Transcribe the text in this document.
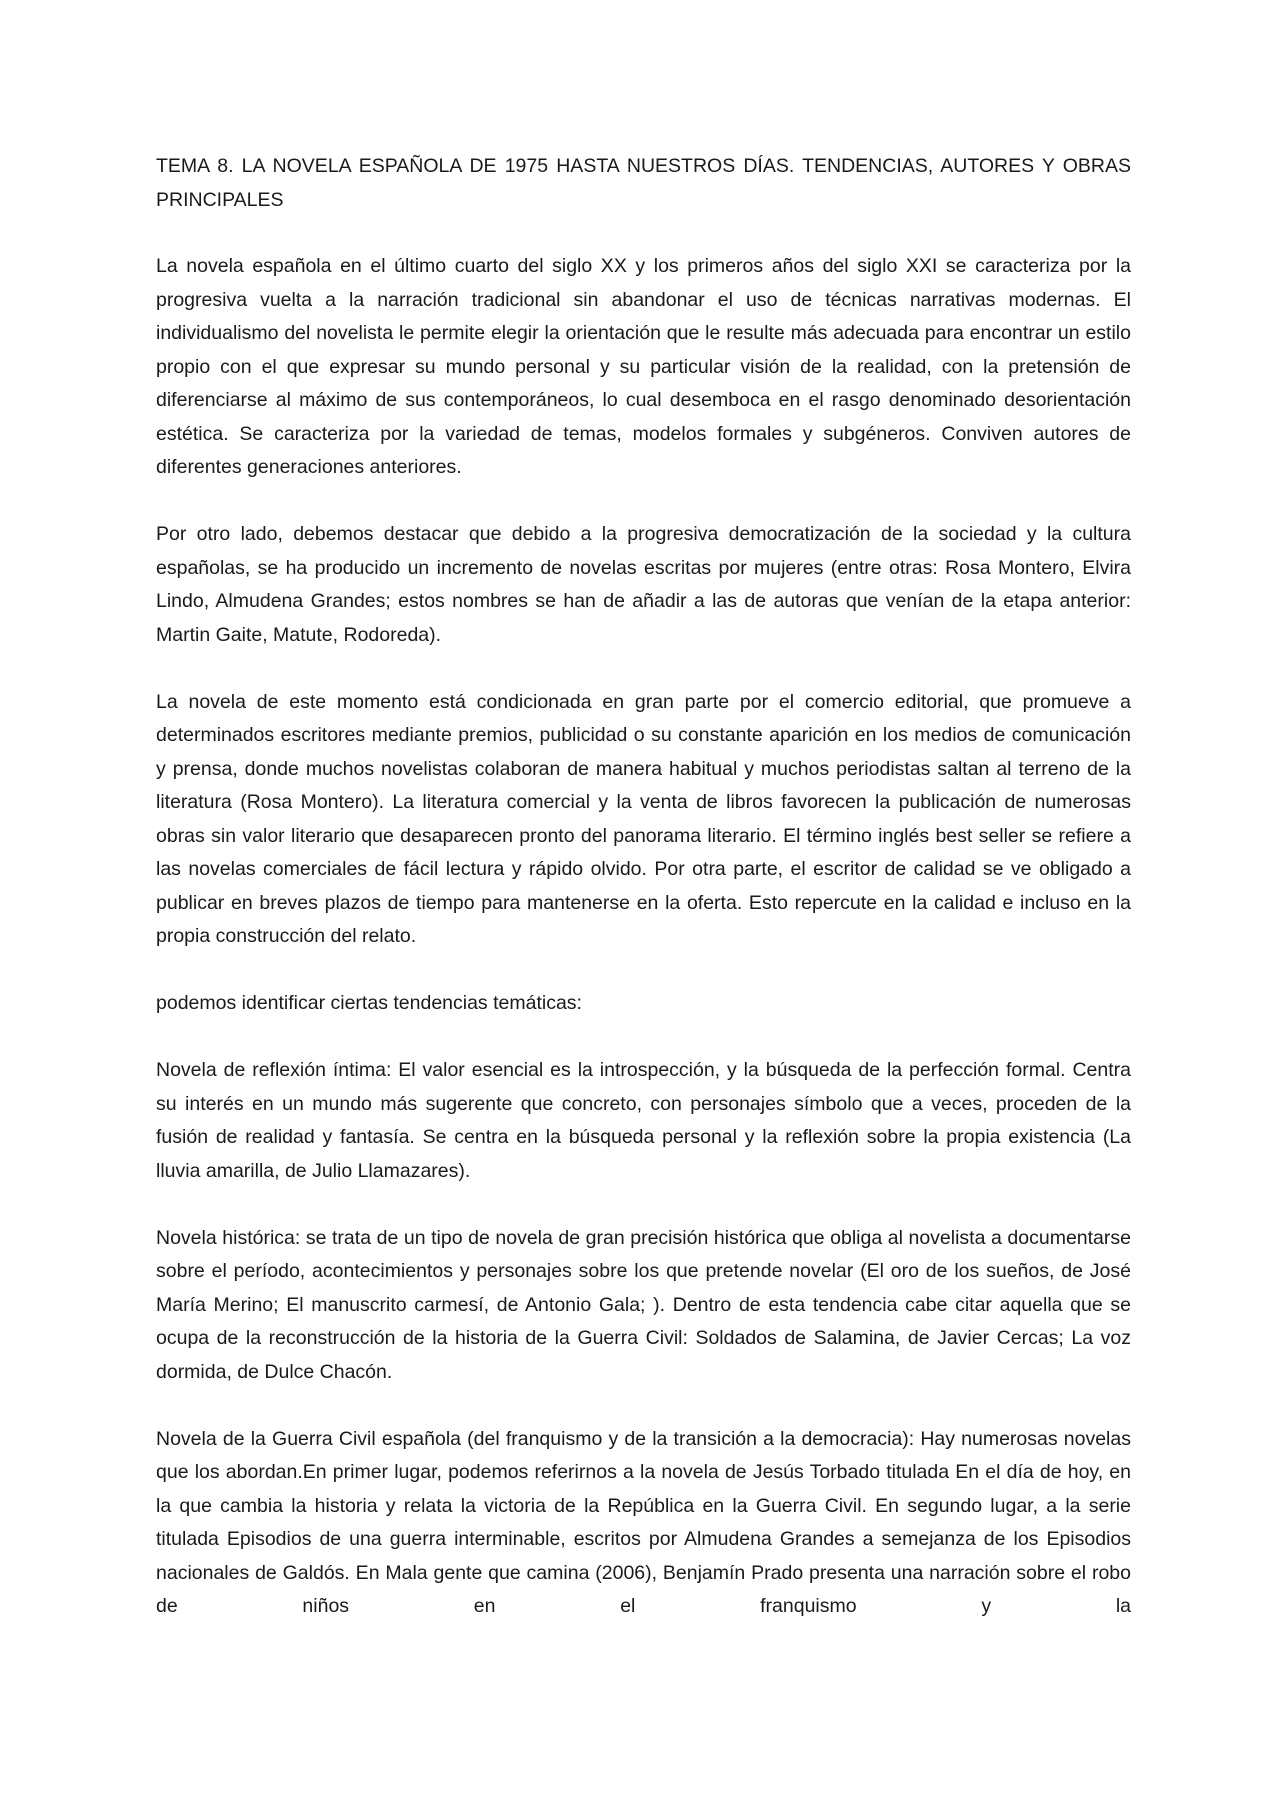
TEMA 8. LA NOVELA ESPAÑOLA DE 1975 HASTA NUESTROS DÍAS. TENDENCIAS, AUTORES Y OBRAS PRINCIPALES

La novela española en el último cuarto del siglo XX y los primeros años del siglo XXI se caracteriza por la progresiva vuelta a la narración tradicional sin abandonar el uso de técnicas narrativas modernas. El individualismo del novelista le permite elegir la orientación que le resulte más adecuada para encontrar un estilo propio con el que expresar su mundo personal y su particular visión de la realidad, con la pretensión de diferenciarse al máximo de sus contemporáneos, lo cual desemboca en el rasgo denominado desorientación estética. Se caracteriza por la variedad de temas, modelos formales y subgéneros. Conviven autores de diferentes generaciones anteriores.

Por otro lado, debemos destacar que debido a la progresiva democratización de la sociedad y la cultura españolas, se ha producido un incremento de novelas escritas por mujeres (entre otras: Rosa Montero, Elvira Lindo, Almudena Grandes; estos nombres se han de añadir a las de autoras que venían de la etapa anterior: Martin Gaite, Matute, Rodoreda).

La novela de este momento está condicionada en gran parte por el comercio editorial, que promueve a determinados escritores mediante premios, publicidad o su constante aparición en los medios de comunicación y prensa, donde muchos novelistas colaboran de manera habitual y muchos periodistas saltan al terreno de la literatura (Rosa Montero). La literatura comercial y la venta de libros favorecen la publicación de numerosas obras sin valor literario que desaparecen pronto del panorama literario. El término inglés best seller se refiere a las novelas comerciales de fácil lectura y rápido olvido. Por otra parte, el escritor de calidad se ve obligado a publicar en breves plazos de tiempo para mantenerse en la oferta. Esto repercute en la calidad e incluso en la propia construcción del relato.

podemos identificar ciertas tendencias temáticas:

Novela de reflexión íntima: El valor esencial es la introspección, y la búsqueda de la perfección formal. Centra su interés en un mundo más sugerente que concreto, con personajes símbolo que a veces, proceden de la fusión de realidad y fantasía. Se centra en la búsqueda personal y la reflexión sobre la propia existencia (La lluvia amarilla, de Julio Llamazares).

Novela histórica: se trata de un tipo de novela de gran precisión histórica que obliga al novelista a documentarse sobre el período, acontecimientos y personajes sobre los que pretende novelar (El oro de los sueños, de José María Merino; El manuscrito carmesí, de Antonio Gala; ). Dentro de esta tendencia cabe citar aquella que se ocupa de la reconstrucción de la historia de la Guerra Civil: Soldados de Salamina, de Javier Cercas; La voz dormida, de Dulce Chacón.

Novela de la Guerra Civil española (del franquismo y de la transición a la democracia): Hay numerosas novelas que los abordan.En primer lugar, podemos referirnos a la novela de Jesús Torbado titulada En el día de hoy, en la que cambia la historia y relata la victoria de la República en la Guerra Civil. En segundo lugar, a la serie titulada Episodios de una guerra interminable, escritos por Almudena Grandes a semejanza de los Episodios nacionales de Galdós. En Mala gente que camina (2006), Benjamín Prado presenta una narración sobre el robo de niños en el franquismo y la
